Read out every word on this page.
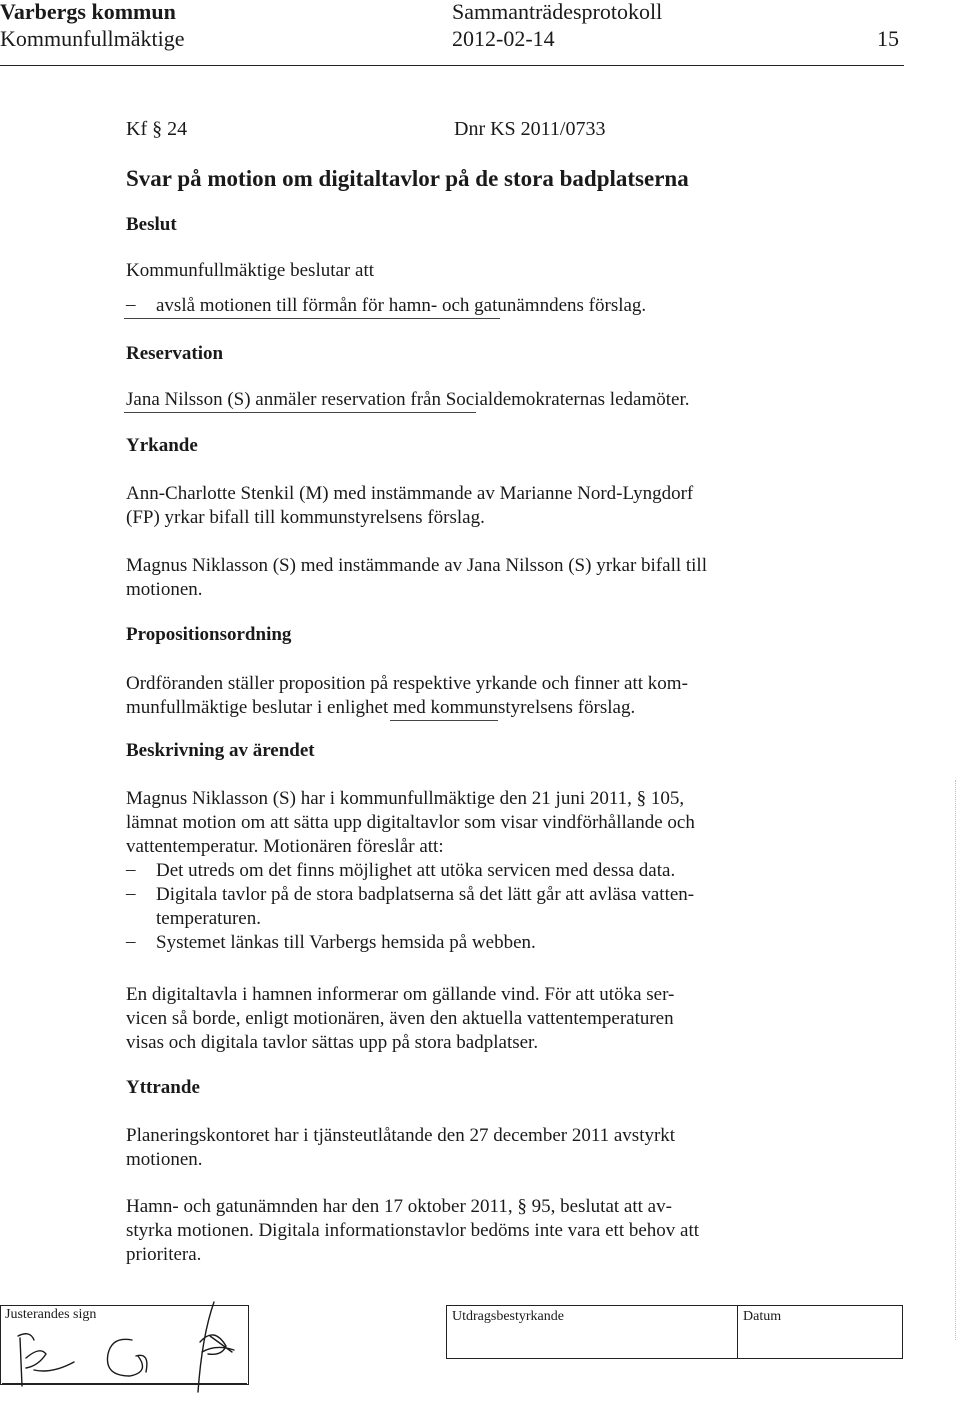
Varbergs kommun
Kommunfullmäktige
Sammanträdesprotokoll
2012-02-14	15
Kf § 24	Dnr KS 2011/0733
Svar på motion om digitaltavlor på de stora badplatserna
Beslut
Kommunfullmäktige beslutar att
– avslå motionen till förmån för hamn- och gatunämndens förslag.
Reservation
Jana Nilsson (S) anmäler reservation från Socialdemokraternas ledamöter.
Yrkande
Ann-Charlotte Stenkil (M) med instämmande av Marianne Nord-Lyngdorf
(FP) yrkar bifall till kommunstyrelsens förslag.
Magnus Niklasson (S) med instämmande av Jana Nilsson (S) yrkar bifall till
motionen.
Propositionsordning
Ordföranden ställer proposition på respektive yrkande och finner att kom-
munfullmäktige beslutar i enlighet med kommunstyrelsens förslag.
Beskrivning av ärendet
Magnus Niklasson (S) har i kommunfullmäktige den 21 juni 2011, § 105,
lämnat motion om att sätta upp digitaltavlor som visar vindförhållande och
vattentemperatur. Motionären föreslår att:
– Det utreds om det finns möjlighet att utöka servicen med dessa data.
– Digitala tavlor på de stora badplatserna så det lätt går att avläsa vatten-
temperaturen.
– Systemet länkas till Varbergs hemsida på webben.
En digitaltavla i hamnen informerar om gällande vind. För att utöka ser-
vicen så borde, enligt motionären, även den aktuella vattentemperaturen
visas och digitala tavlor sättas upp på stora badplatser.
Yttrande
Planeringskontoret har i tjänsteutlåtande den 27 december 2011 avstyrkt
motionen.
Hamn- och gatunämnden har den 17 oktober 2011, § 95, beslutat att av-
styrka motionen. Digitala informationstavlor bedöms inte vara ett behov att
prioritera.
Justerandes sign	Utdragsbestyrkande	Datum
